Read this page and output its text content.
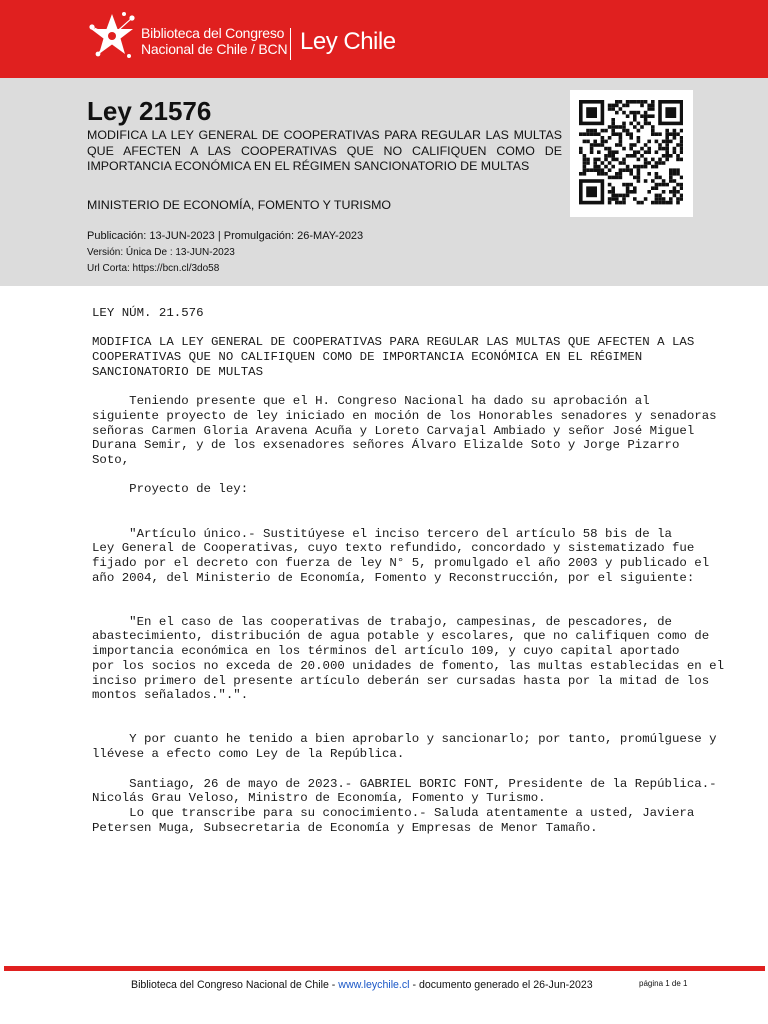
Biblioteca del Congreso
Nacional de Chile / BCN Ley Chile
Ley 21576
MODIFICA LA LEY GENERAL DE COOPERATIVAS PARA REGULAR LAS MULTAS QUE AFECTEN A LAS COOPERATIVAS QUE NO CALIFIQUEN COMO DE IMPORTANCIA ECONÓMICA EN EL RÉGIMEN SANCIONATORIO DE MULTAS
MINISTERIO DE ECONOMÍA, FOMENTO Y TURISMO
Publicación: 13-JUN-2023 | Promulgación: 26-MAY-2023
Versión: Única De : 13-JUN-2023
Url Corta: https://bcn.cl/3do58
LEY NÚM. 21.576

MODIFICA LA LEY GENERAL DE COOPERATIVAS PARA REGULAR LAS MULTAS QUE AFECTEN A LAS
COOPERATIVAS QUE NO CALIFIQUEN COMO DE IMPORTANCIA ECONÓMICA EN EL RÉGIMEN
SANCIONATORIO DE MULTAS

Teniendo presente que el H. Congreso Nacional ha dado su aprobación al
siguiente proyecto de ley iniciado en moción de los Honorables senadores y senadoras
señoras Carmen Gloria Aravena Acuña y Loreto Carvajal Ambiado y señor José Miguel
Durana Semir, y de los exsenadores señores Álvaro Elizalde Soto y Jorge Pizarro
Soto,

Proyecto de ley:

"Artículo único.- Sustitúyese el inciso tercero del artículo 58 bis de la
Ley General de Cooperativas, cuyo texto refundido, concordado y sistematizado fue
fijado por el decreto con fuerza de ley N° 5, promulgado el año 2003 y publicado el
año 2004, del Ministerio de Economía, Fomento y Reconstrucción, por el siguiente:

"En el caso de las cooperativas de trabajo, campesinas, de pescadores, de
abastecimiento, distribución de agua potable y escolares, que no califiquen como de
importancia económica en los términos del artículo 109, y cuyo capital aportado
por los socios no exceda de 20.000 unidades de fomento, las multas establecidas en el
inciso primero del presente artículo deberán ser cursadas hasta por la mitad de los
montos señalados.".".

Y por cuanto he tenido a bien aprobarlo y sancionarlo; por tanto, promúlguese y
llévese a efecto como Ley de la República.

Santiago, 26 de mayo de 2023.- GABRIEL BORIC FONT, Presidente de la República.-
Nicolás Grau Veloso, Ministro de Economía, Fomento y Turismo.
Lo que transcribe para su conocimiento.- Saluda atentamente a usted, Javiera
Petersen Muga, Subsecretaria de Economía y Empresas de Menor Tamaño.
Biblioteca del Congreso Nacional de Chile - www.leychile.cl - documento generado el 26-Jun-2023	página 1 de 1
